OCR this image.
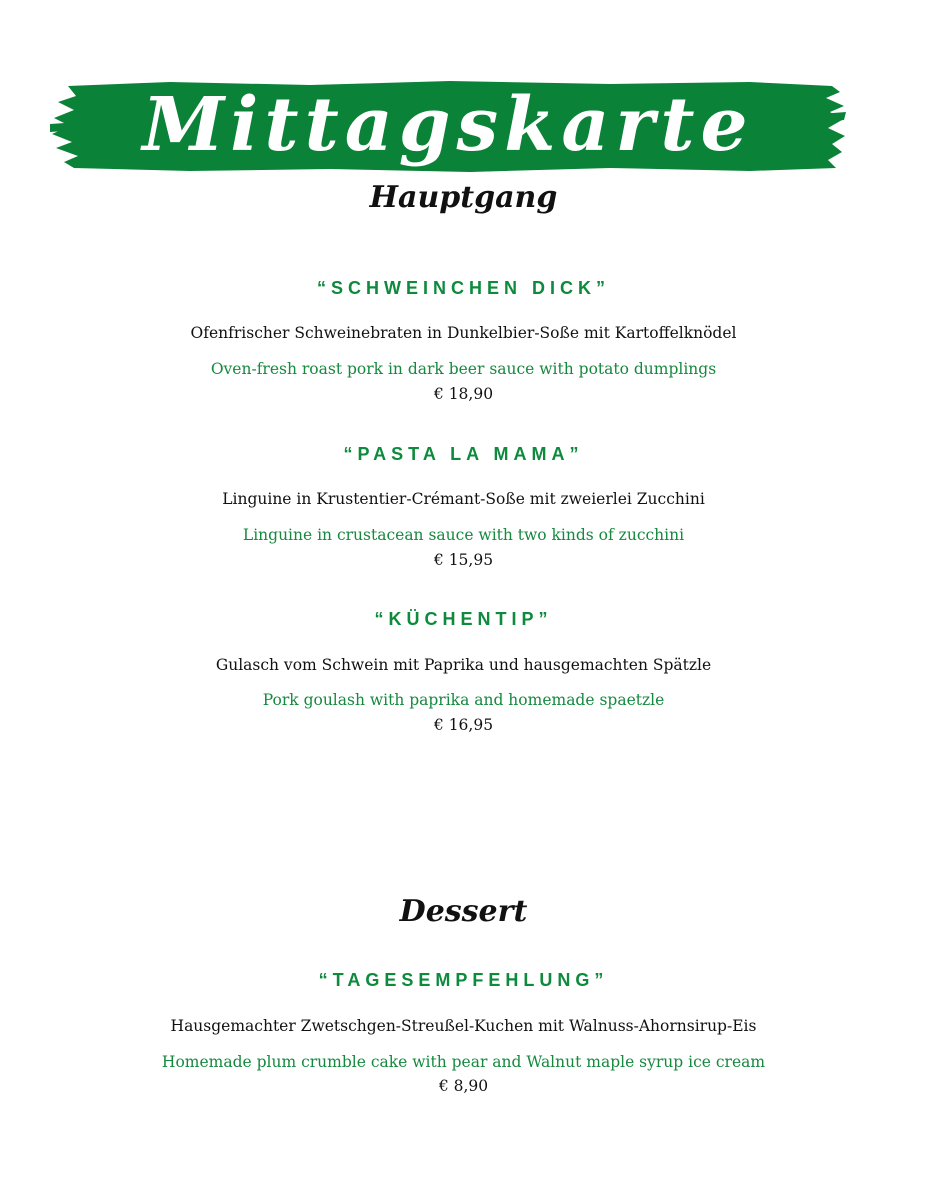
Mittagskarte
Hauptgang
“SCHWEINCHEN DICK”
Ofenfrischer Schweinebraten in Dunkelbier-Soße mit Kartoffelknödel
Oven-fresh roast pork in dark beer sauce with potato dumplings
€ 18,90
“PASTA LA MAMA”
Linguine in Krustentier-Crémant-Soße mit zweierlei Zucchini
Linguine in crustacean sauce with two kinds of zucchini
€ 15,95
“KÜCHENTIP”
Gulasch vom Schwein mit Paprika und hausgemachten Spätzle
Pork goulash with paprika and homemade spaetzle
€ 16,95
Dessert
“TAGESEMPFEHLUNG”
Hausgemachter Zwetschgen-Streußel-Kuchen mit Walnuss-Ahornsirup-Eis
Homemade plum crumble cake with pear and Walnut maple syrup ice cream
€ 8,90
